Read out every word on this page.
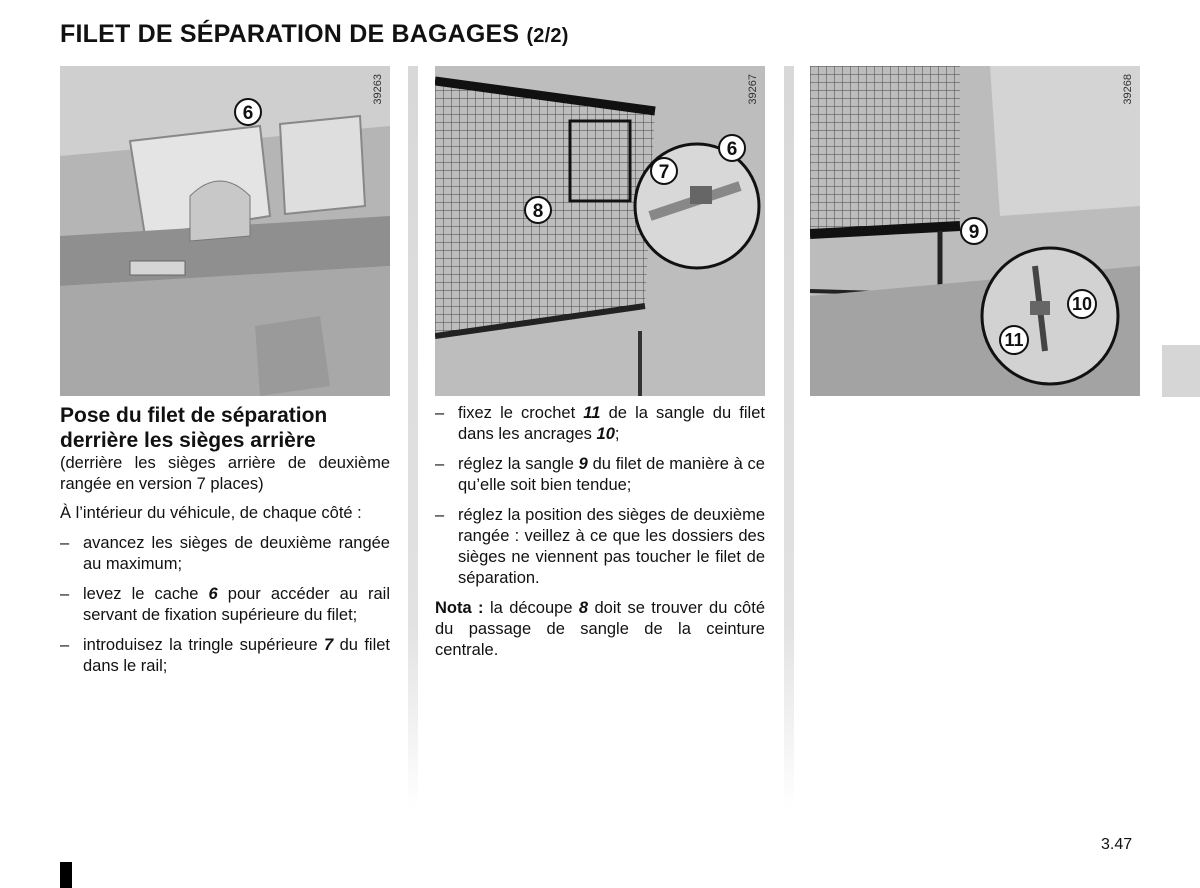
FILET DE SÉPARATION DE BAGAGES (2/2)
39263
6
39267
6
7
8
39268
9
10
11
Pose du filet de séparation
derrière les sièges arrière

(derrière les sièges arrière de deuxième rangée en version 7 places)

À l’intérieur du véhicule, de chaque côté :

– avancez les sièges de deuxième rangée au maximum;
– levez le cache 6 pour accéder au rail servant de fixation supérieure du filet;
– introduisez la tringle supérieure 7 du filet dans le rail;
– fixez le crochet 11 de la sangle du filet dans les ancrages 10;
– réglez la sangle 9 du filet de manière à ce qu’elle soit bien tendue;
– réglez la position des sièges de deuxième rangée : veillez à ce que les dossiers des sièges ne viennent pas toucher le filet de séparation.

Nota : la découpe 8 doit se trouver du côté du passage de sangle de la ceinture centrale.

3.47
